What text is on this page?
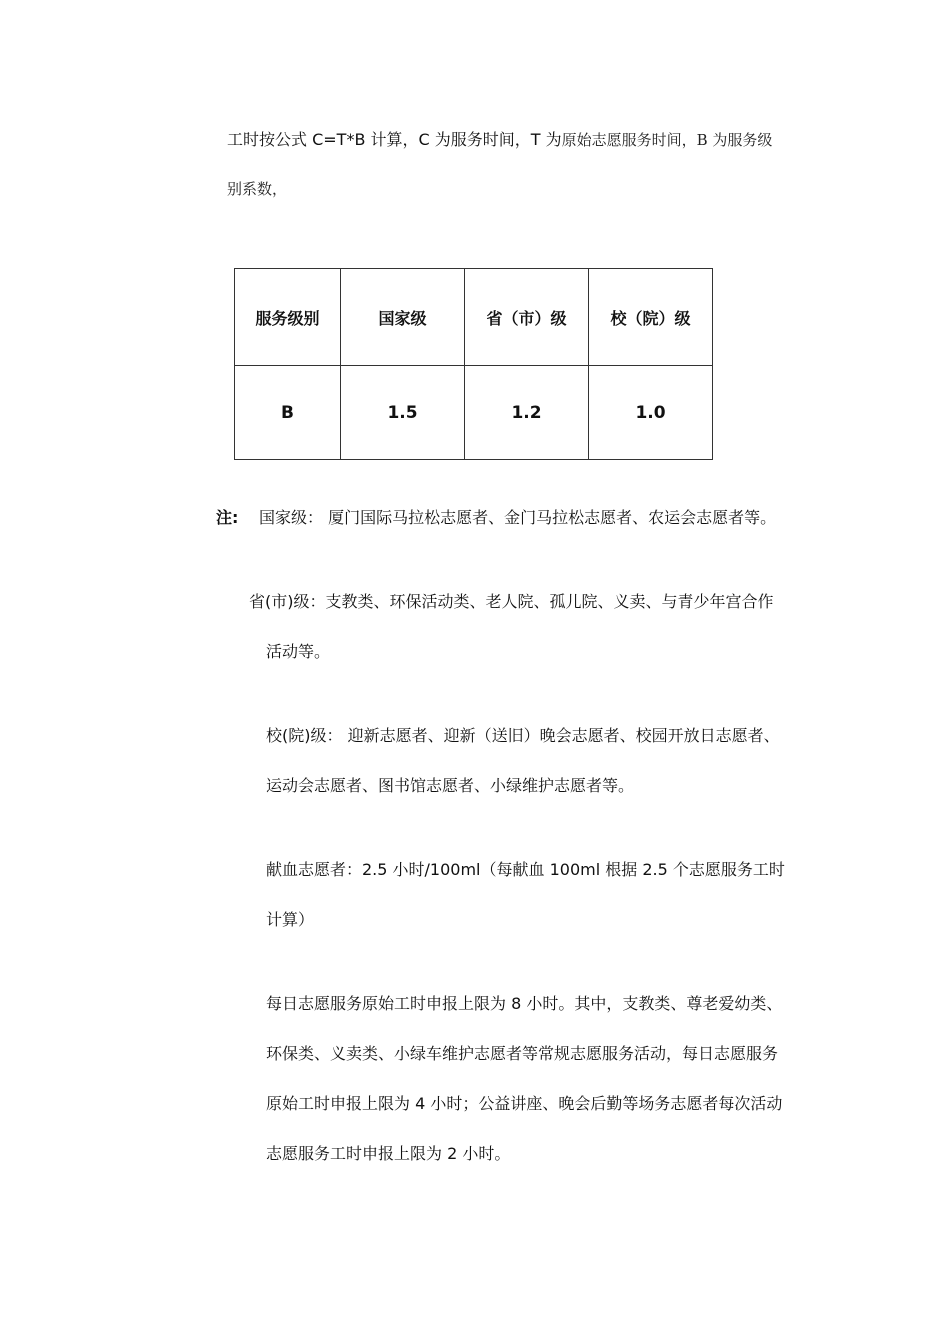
工时按公式 C=T*B 计算，C 为服务时间，T 为原始志愿服务时间，B 为服务级

别系数，

服务级别	国家级	省（市）级	校（院）级
B	1.5	1.2	1.0

注: 国家级： 厦门国际马拉松志愿者、金门马拉松志愿者、农运会志愿者等。

省(市)级：支教类、环保活动类、老人院、孤儿院、义卖、与青少年宫合作

活动等。

校(院)级： 迎新志愿者、迎新（送旧）晚会志愿者、校园开放日志愿者、

运动会志愿者、图书馆志愿者、小绿维护志愿者等。

献血志愿者：2.5 小时/100ml（每献血 100ml 根据 2.5 个志愿服务工时

计算）

每日志愿服务原始工时申报上限为 8 小时。其中，支教类、尊老爱幼类、

环保类、义卖类、小绿车维护志愿者等常规志愿服务活动，每日志愿服务

原始工时申报上限为 4 小时；公益讲座、晚会后勤等场务志愿者每次活动

志愿服务工时申报上限为 2 小时。
